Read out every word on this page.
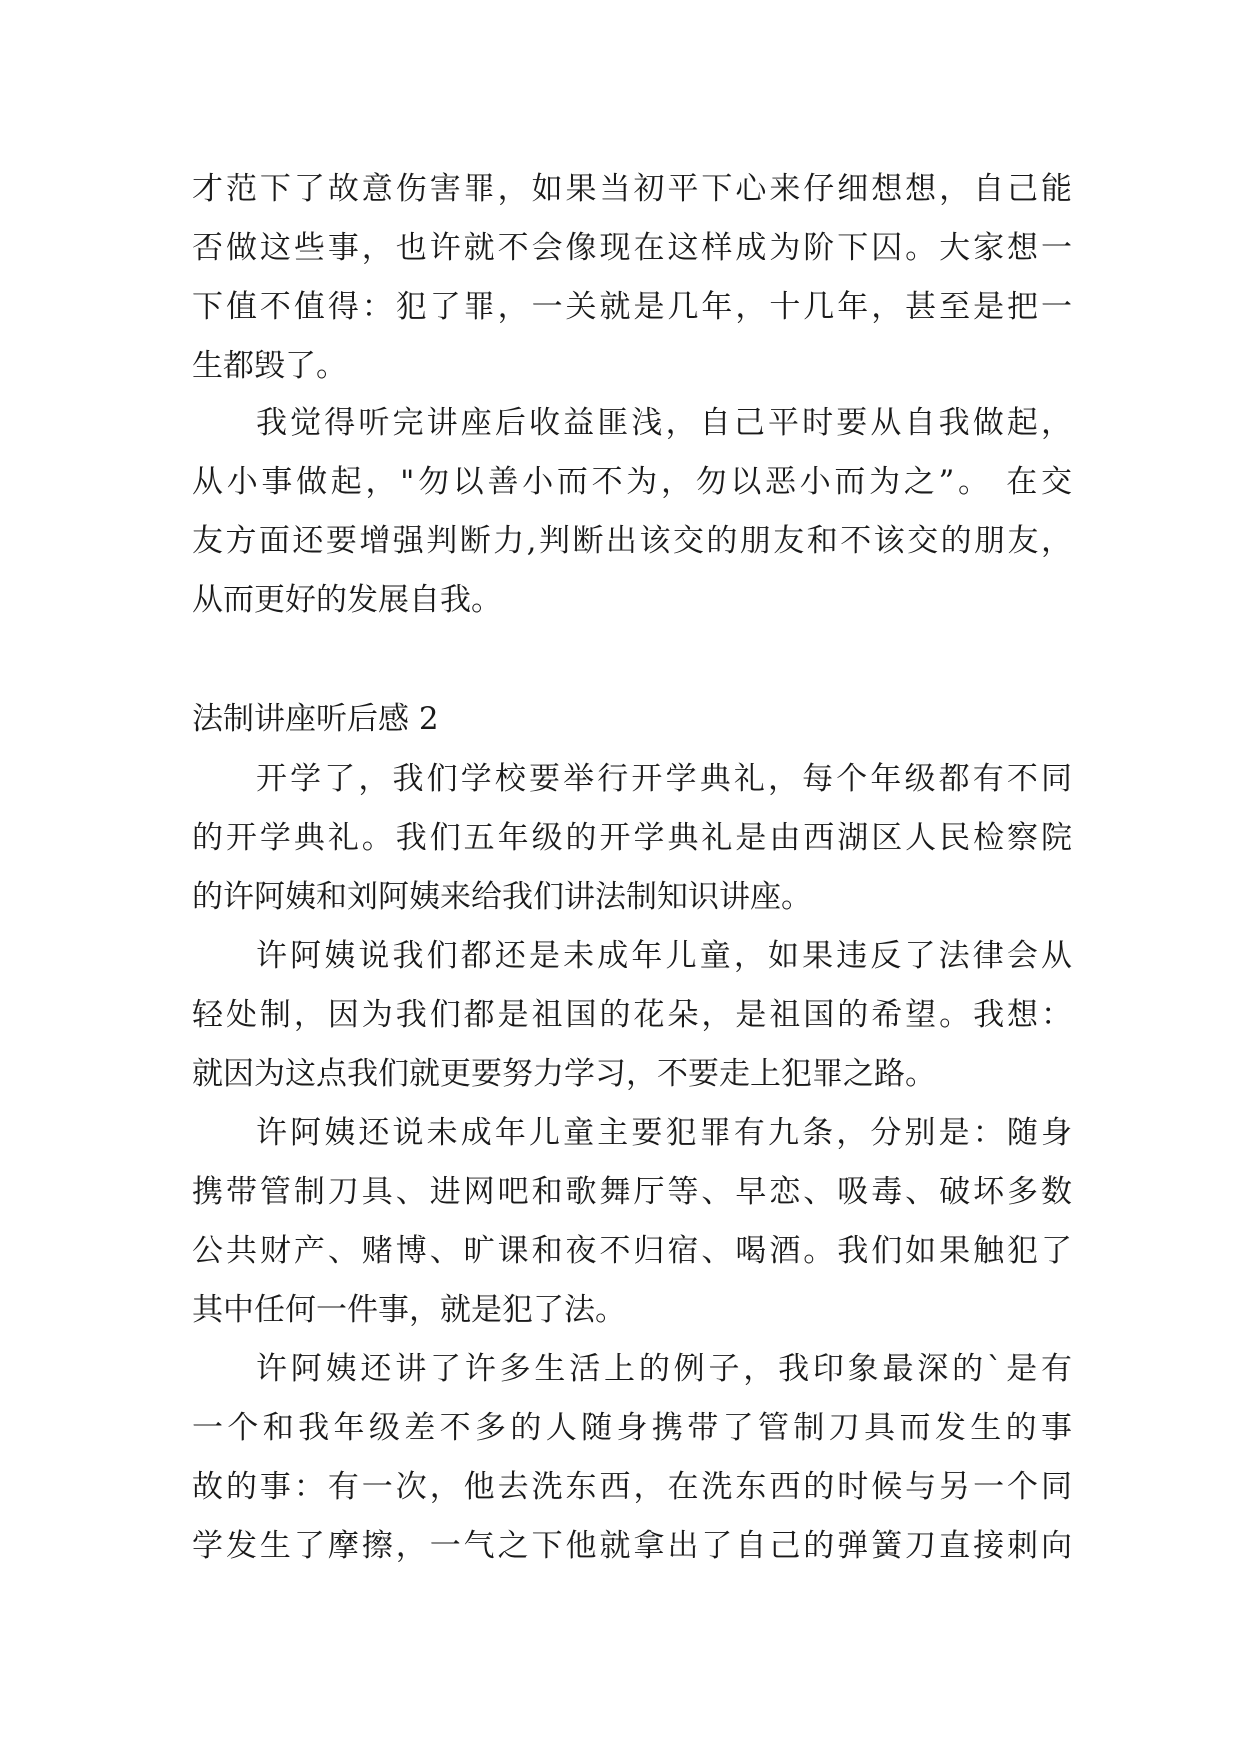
才范下了故意伤害罪，如果当初平下心来仔细想想，自己能
否做这些事，也许就不会像现在这样成为阶下囚。大家想一
下值不值得：犯了罪，一关就是几年，十几年，甚至是把一
生都毁了。
我觉得听完讲座后收益匪浅，自己平时要从自我做起，
从小事做起，"勿以善小而不为，勿以恶小而为之”。 在交
友方面还要增强判断力,判断出该交的朋友和不该交的朋友，
从而更好的发展自我。
法制讲座听后感 2
开学了，我们学校要举行开学典礼，每个年级都有不同
的开学典礼。我们五年级的开学典礼是由西湖区人民检察院
的许阿姨和刘阿姨来给我们讲法制知识讲座。
许阿姨说我们都还是未成年儿童，如果违反了法律会从
轻处制，因为我们都是祖国的花朵，是祖国的希望。我想：
就因为这点我们就更要努力学习，不要走上犯罪之路。
许阿姨还说未成年儿童主要犯罪有九条，分别是：随身
携带管制刀具、进网吧和歌舞厅等、早恋、吸毒、破坏多数
公共财产、赌博、旷课和夜不归宿、喝酒。我们如果触犯了
其中任何一件事，就是犯了法。
许阿姨还讲了许多生活上的例子，我印象最深的`是有
一个和我年级差不多的人随身携带了管制刀具而发生的事
故的事：有一次，他去洗东西，在洗东西的时候与另一个同
学发生了摩擦，一气之下他就拿出了自己的弹簧刀直接刺向
